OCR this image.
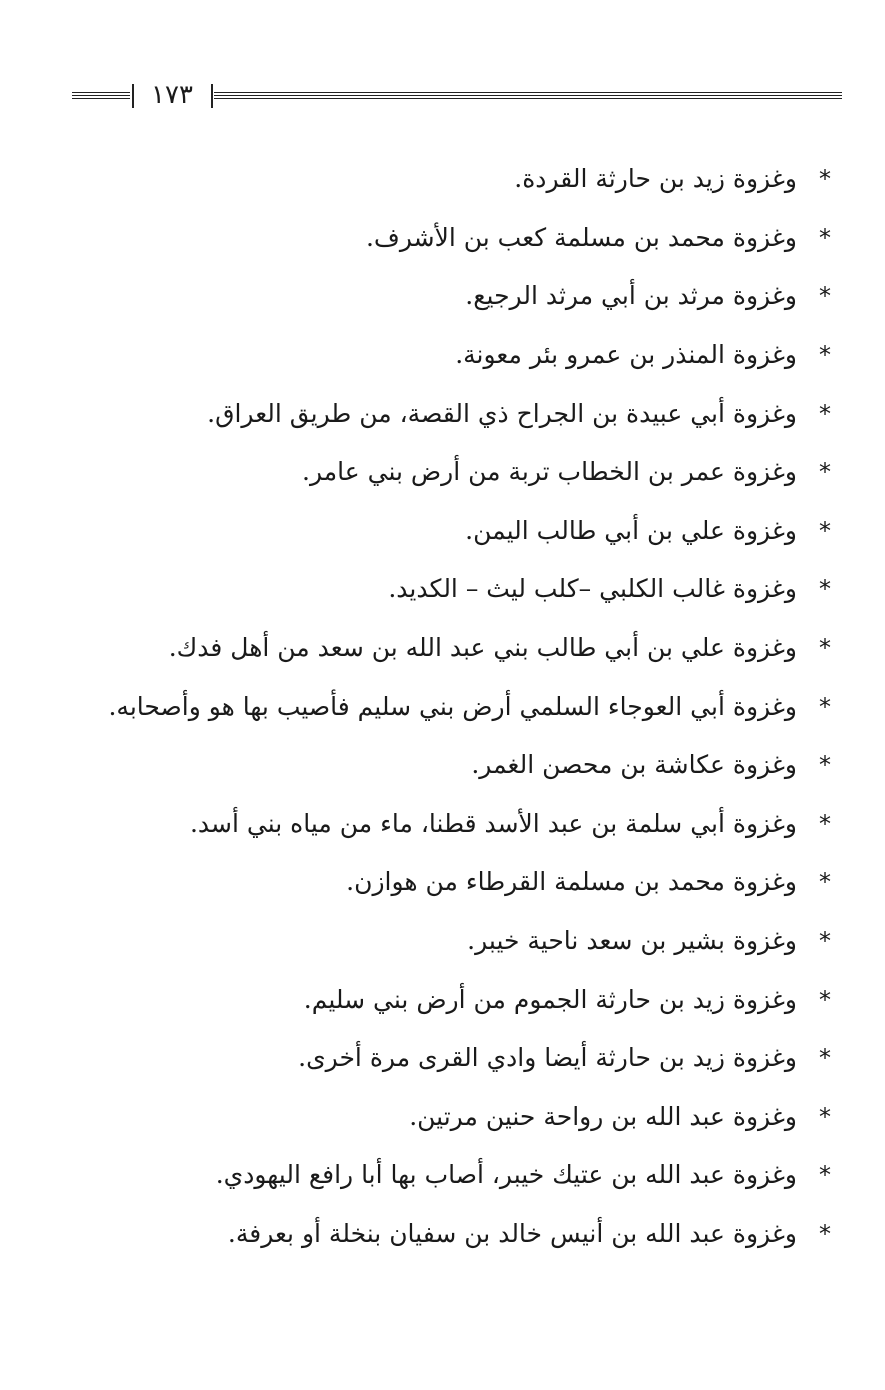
١٧٣
*
وغزوة زيد بن حارثة القردة.
*
وغزوة محمد بن مسلمة كعب بن الأشرف.
*
وغزوة مرثد بن أبي مرثد الرجيع.
*
وغزوة المنذر بن عمرو بئر معونة.
*
وغزوة أبي عبيدة بن الجراح ذي القصة، من طريق العراق.
*
وغزوة عمر بن الخطاب تربة من أرض بني عامر.
*
وغزوة علي بن أبي طالب اليمن.
*
وغزوة غالب الكلبي –كلب ليث – الكديد.
*
وغزوة علي بن أبي طالب بني عبد الله بن سعد من أهل فدك.
*
وغزوة أبي العوجاء السلمي أرض بني سليم فأصيب بها هو وأصحابه.
*
وغزوة عكاشة بن محصن الغمر.
*
وغزوة أبي سلمة بن عبد الأسد قطنا، ماء من مياه بني أسد.
*
وغزوة محمد بن مسلمة القرطاء من هوازن.
*
وغزوة بشير بن سعد ناحية خيبر.
*
وغزوة زيد بن حارثة الجموم من أرض بني سليم.
*
وغزوة زيد بن حارثة أيضا وادي القرى مرة أخرى.
*
وغزوة عبد الله بن رواحة حنين مرتين.
*
وغزوة عبد الله بن عتيك خيبر، أصاب بها أبا رافع اليهودي.
*
وغزوة عبد الله بن أنيس خالد بن سفيان بنخلة أو بعرفة.
